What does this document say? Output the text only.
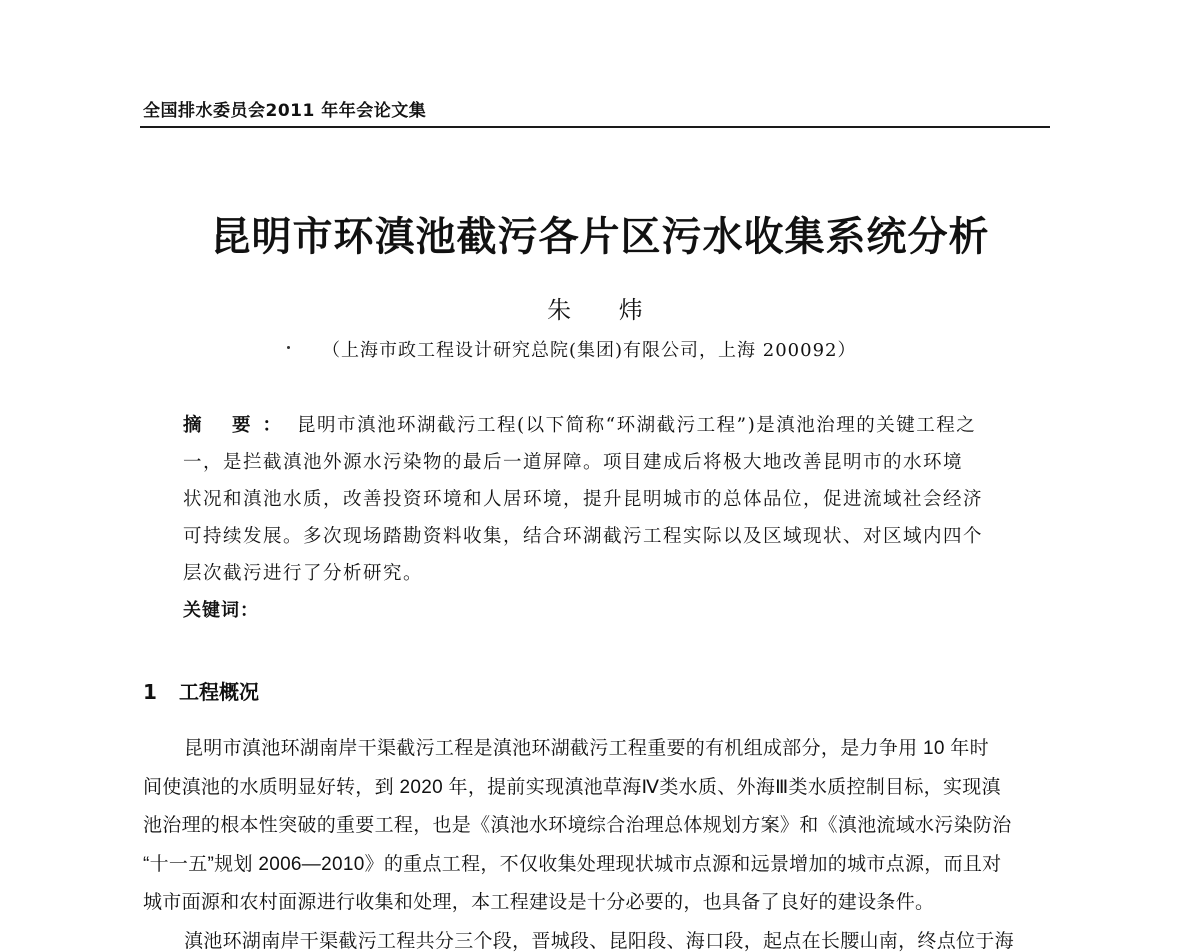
全国排水委员会2011 年年会论文集
昆明市环滇池截污各片区污水收集系统分析
朱 炜
（上海市政工程设计研究总院(集团)有限公司，上海 200092）
摘 要： 昆明市滇池环湖截污工程(以下简称“环湖截污工程”)是滇池治理的关键工程之
一，是拦截滇池外源水污染物的最后一道屏障。项目建成后将极大地改善昆明市的水环境
状况和滇池水质，改善投资环境和人居环境，提升昆明城市的总体品位，促进流域社会经济
可持续发展。多次现场踏勘资料收集，结合环湖截污工程实际以及区域现状、对区域内四个
层次截污进行了分析研究。
关键词：
1 工程概况
昆明市滇池环湖南岸干渠截污工程是滇池环湖截污工程重要的有机组成部分，是力争用 10 年时
间使滇池的水质明显好转，到 2020 年，提前实现滇池草海Ⅳ类水质、外海Ⅲ类水质控制目标，实现滇
池治理的根本性突破的重要工程，也是《滇池水环境综合治理总体规划方案》和《滇池流域水污染防治
“十一五”规划 2006—2010》的重点工程，不仅收集处理现状城市点源和远景增加的城市点源，而且对
城市面源和农村面源进行收集和处理，本工程建设是十分必要的，也具备了良好的建设条件。
滇池环湖南岸干渠截污工程共分三个段，晋城段、昆阳段、海口段，起点在长腰山南，终点位于海
